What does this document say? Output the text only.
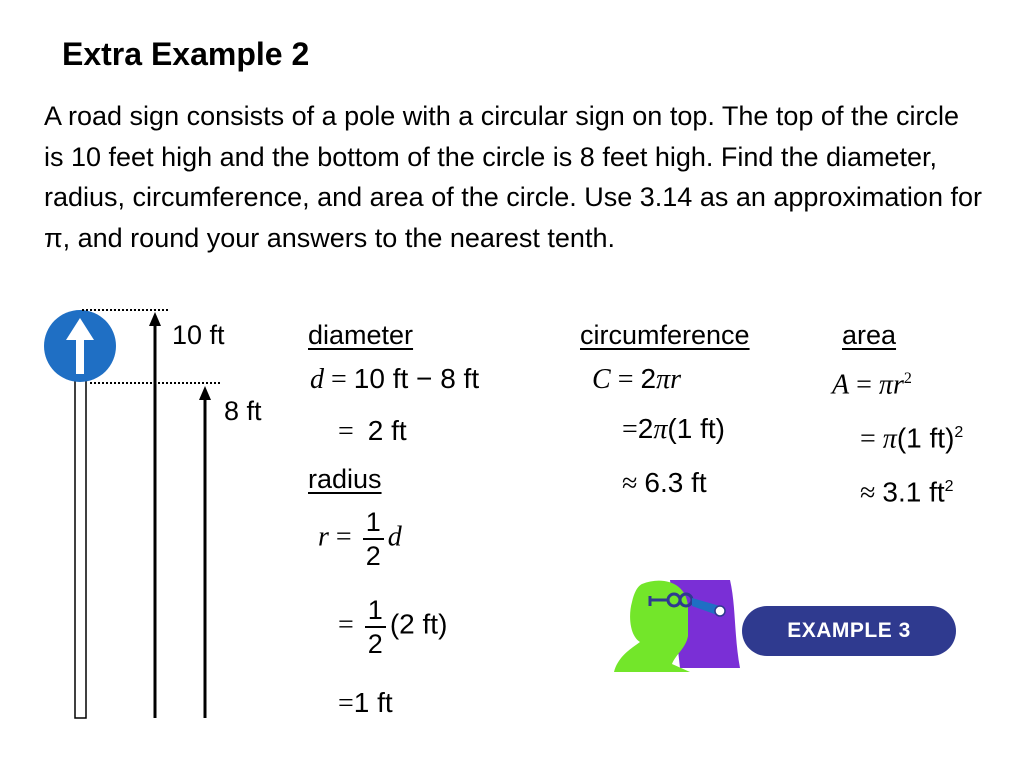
Extra Example 2
A road sign consists of a pole with a circular sign on top. The top of the circle is 10 feet high and the bottom of the circle is 8 feet high. Find the diameter, radius, circumference, and area of the circle. Use 3.14 as an approximation for π, and round your answers to the nearest tenth.
10 ft
8 ft
diameter
d = 10 ft − 8 ft
= 2 ft
radius
$r = \frac{1}{2}$ d
= $\frac{1}{2} (2$ ft)
=1 ft
circumference
C = 2πr
=2π(1 ft)
≈ 6.3 ft
area
$A = \pi r^2$
= π(1 ft)$^2$
≈ 3.1 $ft^2$
EXAMPLE 3
